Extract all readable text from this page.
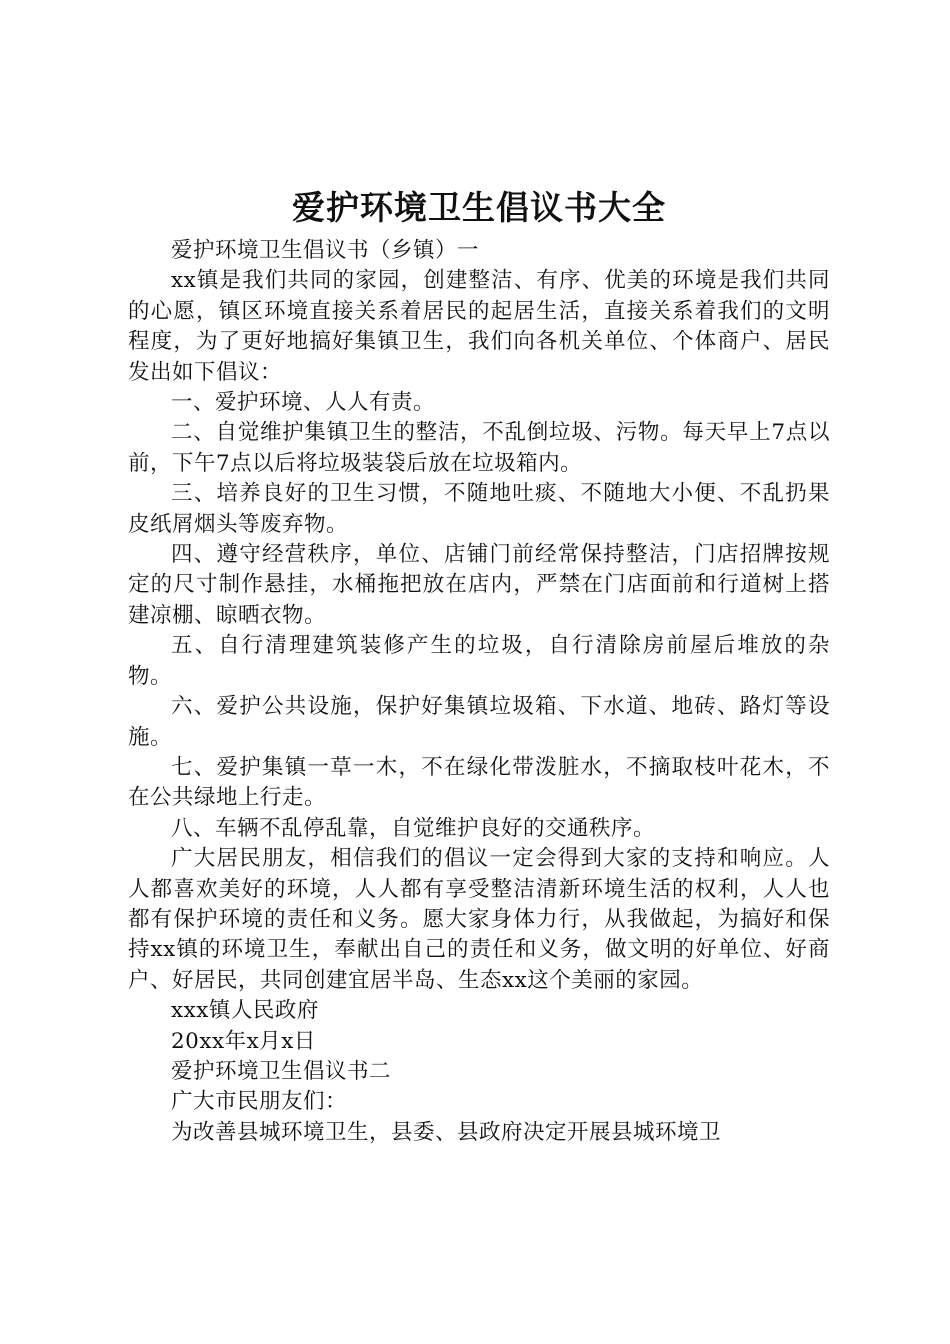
爱护环境卫生倡议书大全

爱护环境卫生倡议书（乡镇）一

xx镇是我们共同的家园，创建整洁、有序、优美的环境是我们共同的心愿，镇区环境直接关系着居民的起居生活，直接关系着我们的文明程度，为了更好地搞好集镇卫生，我们向各机关单位、个体商户、居民发出如下倡议：

一、爱护环境、人人有责。

二、自觉维护集镇卫生的整洁，不乱倒垃圾、污物。每天早上7点以前，下午7点以后将垃圾装袋后放在垃圾箱内。

三、培养良好的卫生习惯，不随地吐痰、不随地大小便、不乱扔果皮纸屑烟头等废弃物。

四、遵守经营秩序，单位、店铺门前经常保持整洁，门店招牌按规定的尺寸制作悬挂，水桶拖把放在店内，严禁在门店面前和行道树上搭建凉棚、晾晒衣物。

五、自行清理建筑装修产生的垃圾，自行清除房前屋后堆放的杂物。

六、爱护公共设施，保护好集镇垃圾箱、下水道、地砖、路灯等设施。

七、爱护集镇一草一木，不在绿化带泼脏水，不摘取枝叶花木，不在公共绿地上行走。

八、车辆不乱停乱靠，自觉维护良好的交通秩序。

广大居民朋友，相信我们的倡议一定会得到大家的支持和响应。人人都喜欢美好的环境，人人都有享受整洁清新环境生活的权利，人人也都有保护环境的责任和义务。愿大家身体力行，从我做起，为搞好和保持xx镇的环境卫生，奉献出自己的责任和义务，做文明的好单位、好商户、好居民，共同创建宜居半岛、生态xx这个美丽的家园。

xxx镇人民政府

20xx年x月x日

爱护环境卫生倡议书二

广大市民朋友们：

为改善县城环境卫生，县委、县政府决定开展县城环境卫
